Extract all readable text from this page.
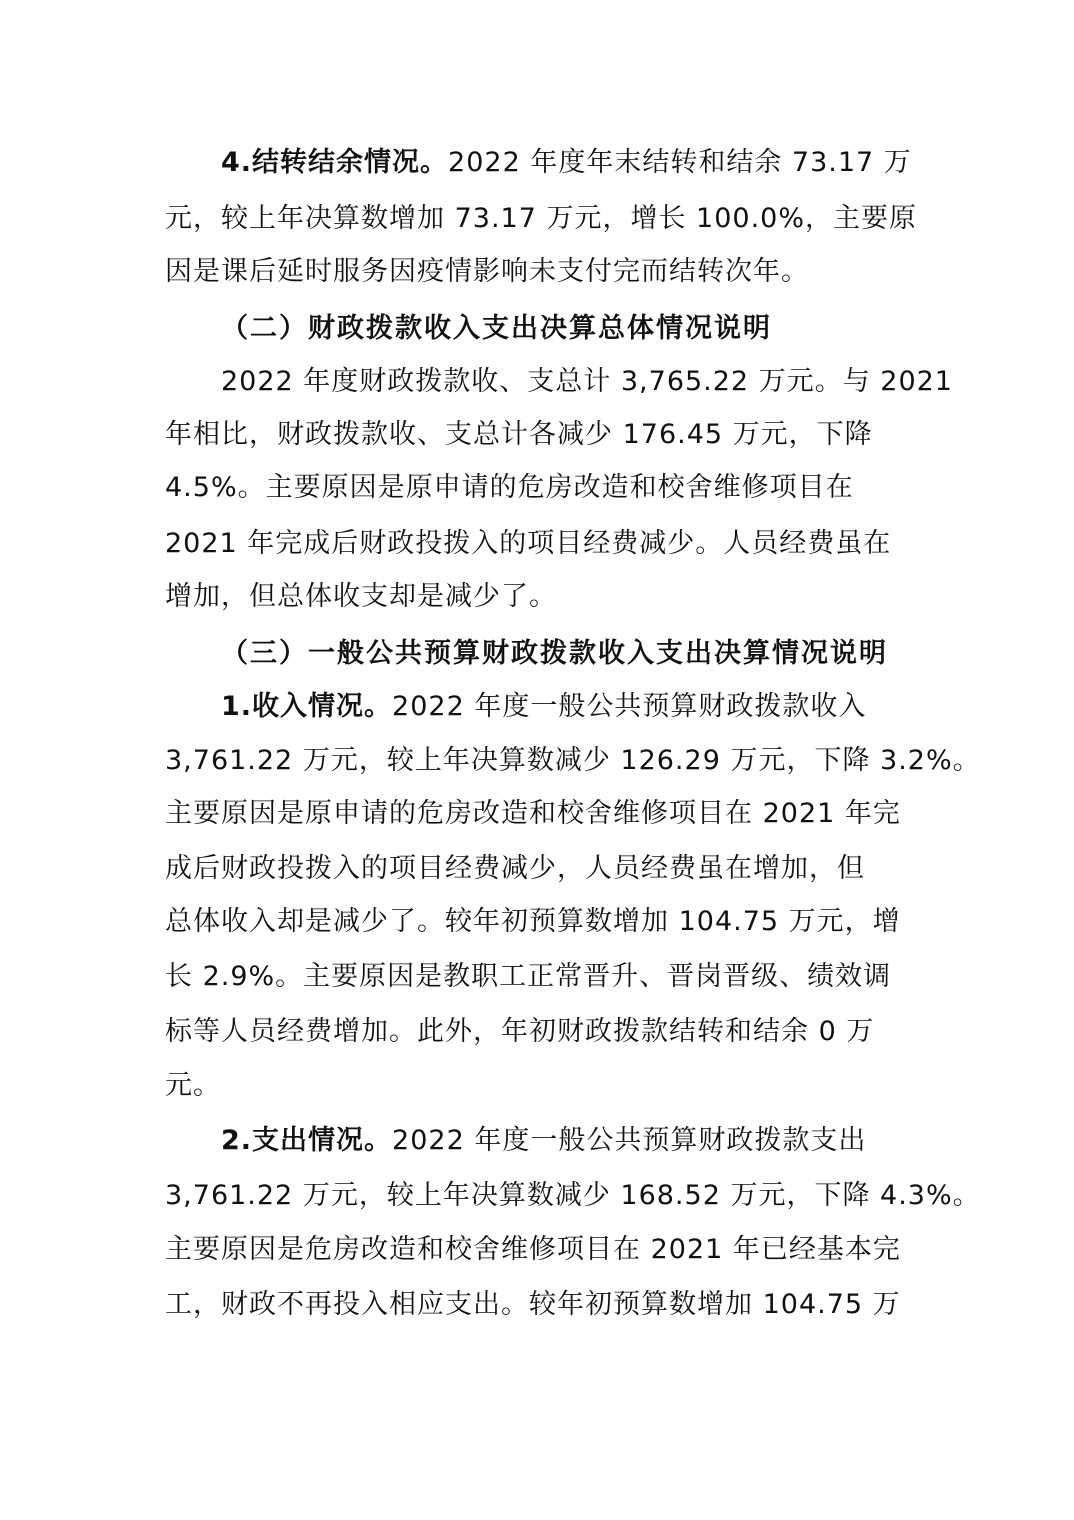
4.结转结余情况。2022 年度年末结转和结余 73.17 万
元，较上年决算数增加 73.17 万元，增长 100.0%，主要原
因是课后延时服务因疫情影响未支付完而结转次年。
（二）财政拨款收入支出决算总体情况说明
2022 年度财政拨款收、支总计 3,765.22 万元。与 2021
年相比，财政拨款收、支总计各减少 176.45 万元，下降
4.5%。主要原因是原申请的危房改造和校舍维修项目在
2021 年完成后财政投拨入的项目经费减少。人员经费虽在
增加，但总体收支却是减少了。
（三）一般公共预算财政拨款收入支出决算情况说明
1.收入情况。2022 年度一般公共预算财政拨款收入
3,761.22 万元，较上年决算数减少 126.29 万元，下降 3.2%。
主要原因是原申请的危房改造和校舍维修项目在 2021 年完
成后财政投拨入的项目经费减少，人员经费虽在增加，但
总体收入却是减少了。较年初预算数增加 104.75 万元，增
长 2.9%。主要原因是教职工正常晋升、晋岗晋级、绩效调
标等人员经费增加。此外，年初财政拨款结转和结余 0 万
元。
2.支出情况。2022 年度一般公共预算财政拨款支出
3,761.22 万元，较上年决算数减少 168.52 万元，下降 4.3%。
主要原因是危房改造和校舍维修项目在 2021 年已经基本完
工，财政不再投入相应支出。较年初预算数增加 104.75 万
